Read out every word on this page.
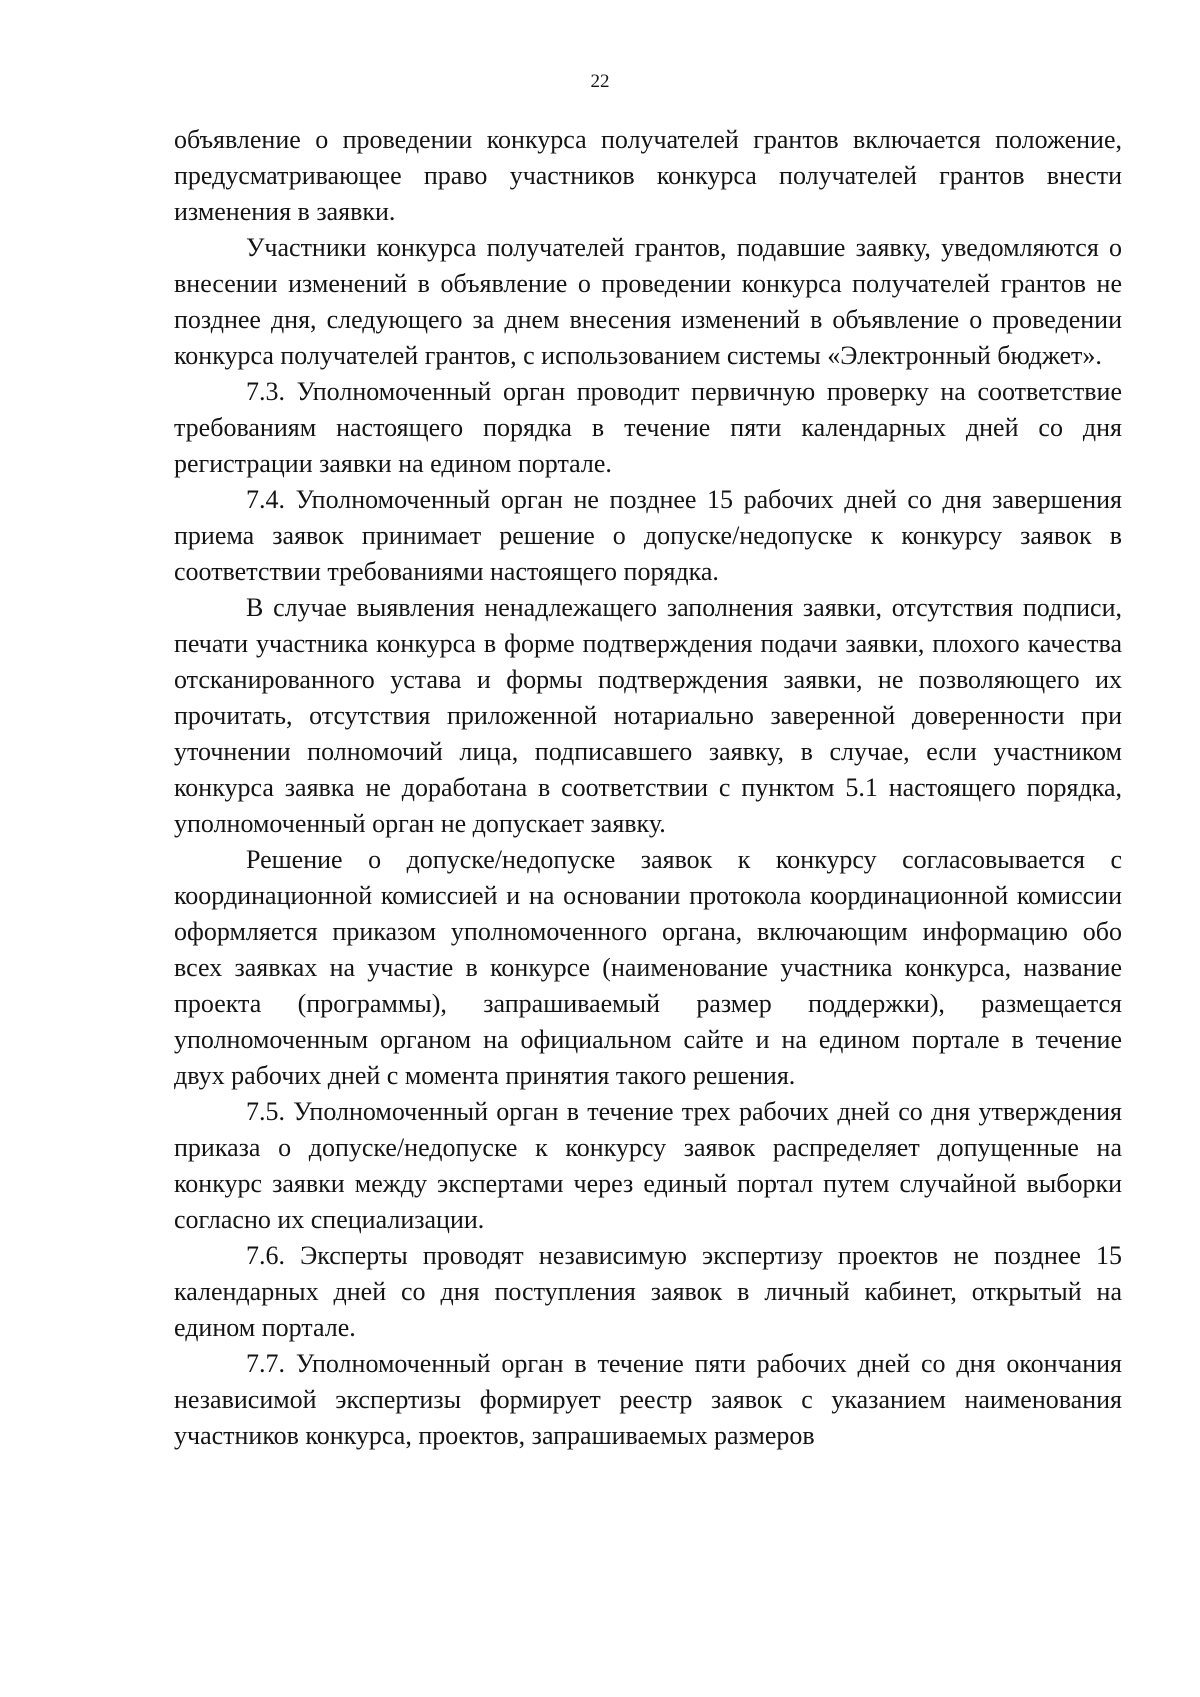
22

объявление о проведении конкурса получателей грантов включается положение, предусматривающее право участников конкурса получателей грантов внести изменения в заявки.

Участники конкурса получателей грантов, подавшие заявку, уведомляются о внесении изменений в объявление о проведении конкурса получателей грантов не позднее дня, следующего за днем внесения изменений в объявление о проведении конкурса получателей грантов, с использованием системы «Электронный бюджет».

7.3. Уполномоченный орган проводит первичную проверку на соответствие требованиям настоящего порядка в течение пяти календарных дней со дня регистрации заявки на едином портале.

7.4. Уполномоченный орган не позднее 15 рабочих дней со дня завершения приема заявок принимает решение о допуске/недопуске к конкурсу заявок в соответствии требованиями настоящего порядка.

В случае выявления ненадлежащего заполнения заявки, отсутствия подписи, печати участника конкурса в форме подтверждения подачи заявки, плохого качества отсканированного устава и формы подтверждения заявки, не позволяющего их прочитать, отсутствия приложенной нотариально заверенной доверенности при уточнении полномочий лица, подписавшего заявку, в случае, если участником конкурса заявка не доработана в соответствии с пунктом 5.1 настоящего порядка, уполномоченный орган не допускает заявку.

Решение о допуске/недопуске заявок к конкурсу согласовывается с координационной комиссией и на основании протокола координационной комиссии оформляется приказом уполномоченного органа, включающим информацию обо всех заявках на участие в конкурсе (наименование участника конкурса, название проекта (программы), запрашиваемый размер поддержки), размещается уполномоченным органом на официальном сайте и на едином портале в течение двух рабочих дней с момента принятия такого решения.

7.5. Уполномоченный орган в течение трех рабочих дней со дня утверждения приказа о допуске/недопуске к конкурсу заявок распределяет допущенные на конкурс заявки между экспертами через единый портал путем случайной выборки согласно их специализации.

7.6. Эксперты проводят независимую экспертизу проектов не позднее 15 календарных дней со дня поступления заявок в личный кабинет, открытый на едином портале.

7.7. Уполномоченный орган в течение пяти рабочих дней со дня окончания независимой экспертизы формирует реестр заявок с указанием наименования участников конкурса, проектов, запрашиваемых размеров
